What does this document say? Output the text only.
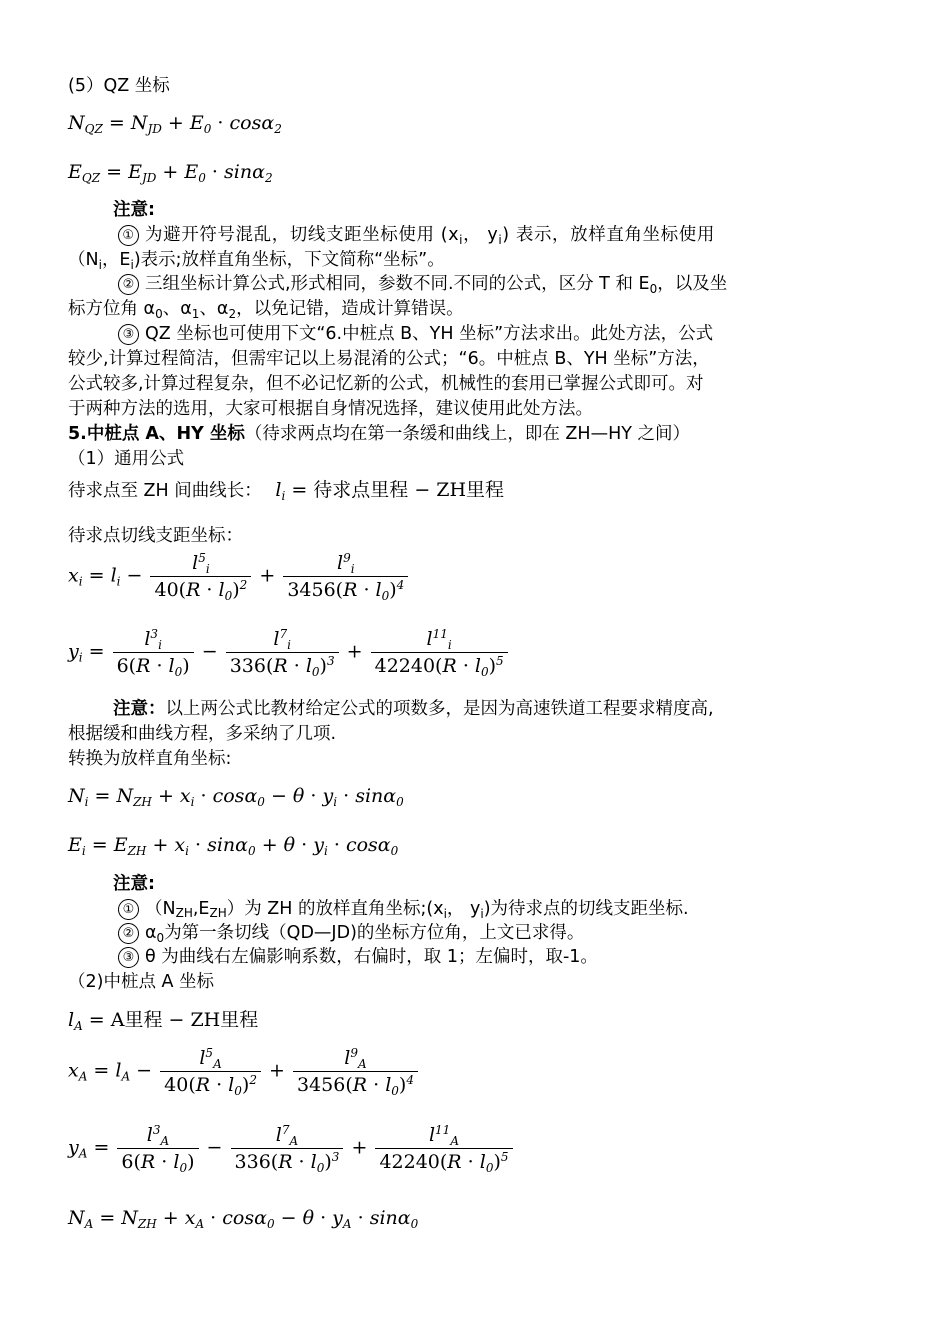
(5）QZ 坐标
$N_{QZ} = N_{JD} + E_0 \cdot \cos\alpha_2$
$E_{QZ} = E_{JD} + E_0 \cdot \sin\alpha_2$
注意:
① 为避开符号混乱，切线支距坐标使用 ($x_i$， $y_i$) 表示，放样直角坐标使用
（$N_i$，$E_i$)表示;放样直角坐标，下文简称“坐标”。
② 三组坐标计算公式,形式相同，参数不同.不同的公式，区分 T 和 $E_0$，以及坐
标方位角 $\alpha_0$、$\alpha_1$、$\alpha_2$，以免记错，造成计算错误。
③ QZ 坐标也可使用下文“6.中桩点 B、YH 坐标”方法求出。此处方法，公式
较少,计算过程简洁，但需牢记以上易混淆的公式；“6。中桩点 B、YH 坐标”方法，
公式较多,计算过程复杂，但不必记忆新的公式，机械性的套用已掌握公式即可。对
于两种方法的选用，大家可根据自身情况选择，建议使用此处方法。
5.中桩点 A、HY 坐标（待求两点均在第一条缓和曲线上，即在 ZH—HY 之间）
（1）通用公式
待求点至 ZH 间曲线长： $l_i$ = 待求点里程 − ZH里程
待求点切线支距坐标：
$x_i = l_i - \frac{l^5_i}{40(R \cdot l_0)^2} + \frac{l^9_i}{3456(R \cdot l_0)^4}$
$y_i = \frac{l^3_i}{6(R \cdot l_0)} - \frac{l^7_i}{336(R \cdot l_0)^3} + \frac{l^{11}_i}{42240(R \cdot l_0)^5}$
注意：以上两公式比教材给定公式的项数多，是因为高速铁道工程要求精度高,
根据缓和曲线方程，多采纳了几项.
转换为放样直角坐标:
$N_i = N_{ZH} + x_i \cdot \cos\alpha_0 - \theta \cdot y_i \cdot \sin\alpha_0$
$E_i = E_{ZH} + x_i \cdot \sin\alpha_0 + \theta \cdot y_i \cdot \cos\alpha_0$
注意:
① （NZH,EZH）为 ZH 的放样直角坐标$;(x_i$， $y_i$)为待求点的切线支距坐标.
② $\alpha_0$为第一条切线（QD—JD)的坐标方位角，上文已求得。
③ θ 为曲线右左偏影响系数，右偏时，取 1；左偏时，取-1。
（2)中桩点 A 坐标
$l_A = A$里程 − ZH里程
$x_A = l_A - \frac{l^5_A}{40(R \cdot l_0)^2} + \frac{l^9_A}{3456(R \cdot l_0)^4}$
$y_A = \frac{l^3_A}{6(R \cdot l_0)} - \frac{l^7_A}{336(R \cdot l_0)^3} + \frac{l^{11}_A}{42240(R \cdot l_0)^5}$
$N_A = N_{ZH} + x_A \cdot \cos\alpha_0 - \theta \cdot y_A \cdot \sin\alpha_0$
